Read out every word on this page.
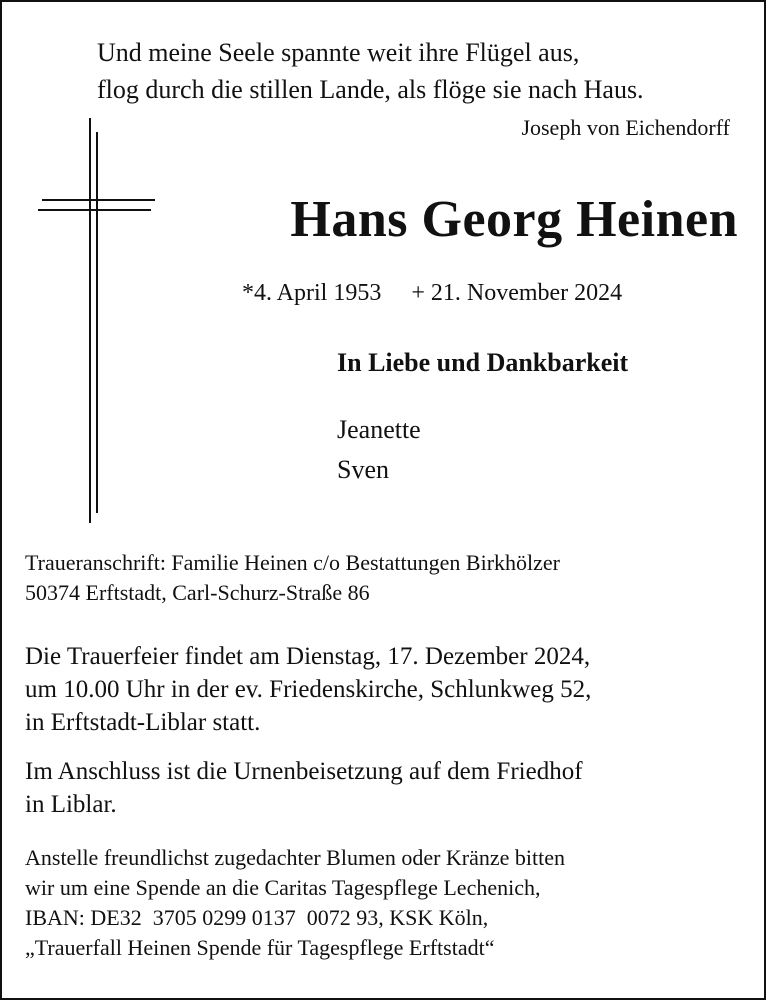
Und meine Seele spannte weit ihre Flügel aus,
flog durch die stillen Lande, als flöge sie nach Haus.
Joseph von Eichendorff
Hans Georg Heinen
*4. April 1953 + 21. November 2024
In Liebe und Dankbarkeit
Jeanette
Sven
Traueranschrift: Familie Heinen c/o Bestattungen Birkhölzer
50374 Erftstadt, Carl-Schurz-Straße 86
Die Trauerfeier findet am Dienstag, 17. Dezember 2024,
um 10.00 Uhr in der ev. Friedenskirche, Schlunkweg 52,
in Erftstadt-Liblar statt.
Im Anschluss ist die Urnenbeisetzung auf dem Friedhof
in Liblar.
Anstelle freundlichst zugedachter Blumen oder Kränze bitten
wir um eine Spende an die Caritas Tagespflege Lechenich,
IBAN: DE32  3705 0299 0137  0072 93, KSK Köln,
„Trauerfall Heinen Spende für Tagespflege Erftstadt“
